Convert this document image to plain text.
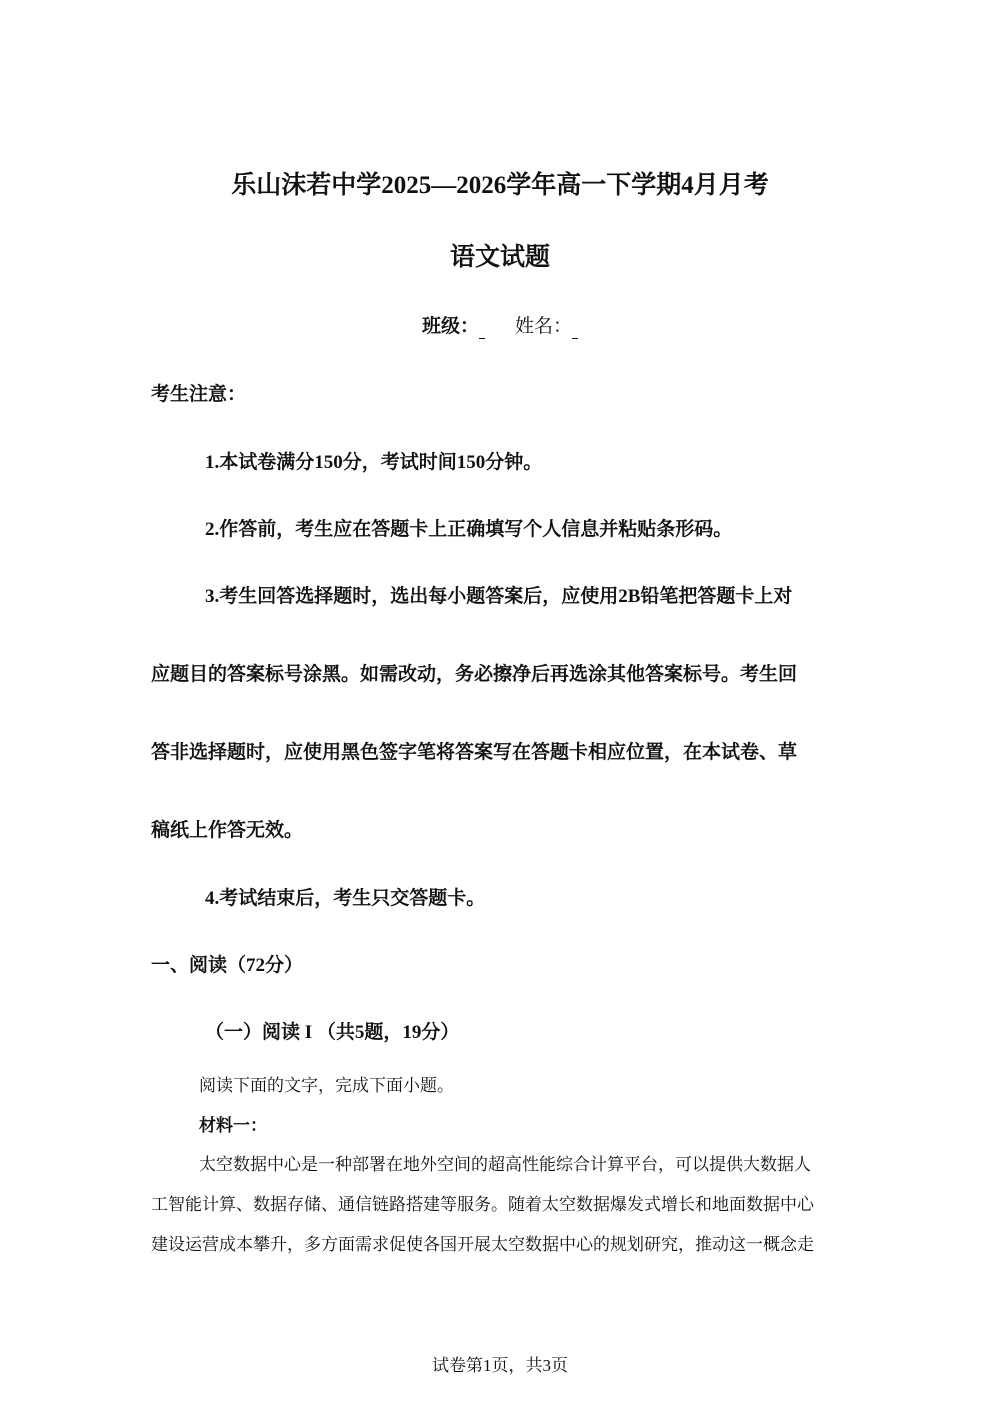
乐山沫若中学2025—2026学年高一下学期4月月考
语文试题
班级： 姓名：
考生注意：
1.本试卷满分150分，考试时间150分钟。
2.作答前，考生应在答题卡上正确填写个人信息并粘贴条形码。
3.考生回答选择题时，选出每小题答案后，应使用2B铅笔把答题卡上对
应题目的答案标号涂黑。如需改动，务必擦净后再选涂其他答案标号。考生回
答非选择题时，应使用黑色签字笔将答案写在答题卡相应位置，在本试卷、草
稿纸上作答无效。
4.考试结束后，考生只交答题卡。
一、阅读（72分）
（一）阅读 I （共5题，19分）
阅读下面的文字，完成下面小题。
材料一：
太空数据中心是一种部署在地外空间的超高性能综合计算平台，可以提供大数据人
工智能计算、数据存储、通信链路搭建等服务。随着太空数据爆发式增长和地面数据中心
建设运营成本攀升，多方面需求促使各国开展太空数据中心的规划研究，推动这一概念走
试卷第1页，共3页
